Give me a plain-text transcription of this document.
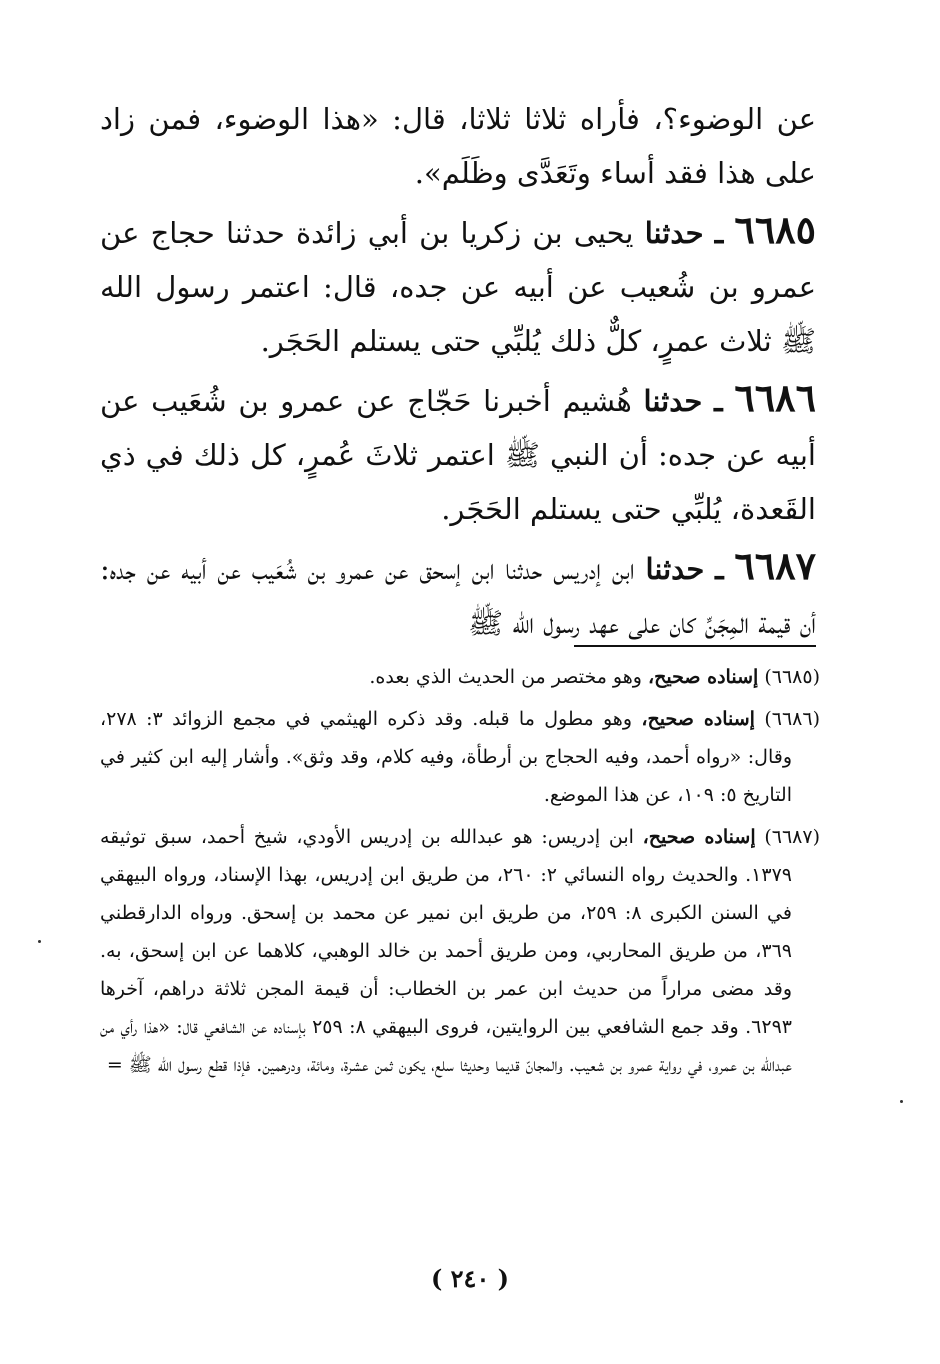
عن الوضوء؟، فأراه ثلاثا ثلاثا، قال: «هذا الوضوء، فمن زاد على هذا فقد أساء وتَعَدَّى وظَلَم».

٦٦٨٥ ـ حدثنا يحيى بن زكريا بن أبي زائدة حدثنا حجاج عن عمرو بن شُعيب عن أبيه عن جده، قال: اعتمر رسول الله ﷺ ثلاث عمرٍ، كلٌّ ذلك يُلبِّي حتى يستلم الحَجَر.

٦٦٨٦ ـ حدثنا هُشيم أخبرنا حَجّاج عن عمرو بن شُعَيب عن أبيه عن جده: أن النبي ﷺ اعتمر ثلاثَ عُمرٍ، كل ذلك في ذي القَعدة، يُلبِّي حتى يستلم الحَجَر.

٦٦٨٧ ـ حدثنا ابن إدريس حدثنا ابن إسحق عن عمرو بن شُعَيب عن أبيه عن جده: أن قيمة المِجَنِّ كان على عهد رسول الله ﷺ

(٦٦٨٥) إسناده صحيح، وهو مختصر من الحديث الذي بعده.

(٦٦٨٦) إسناده صحيح، وهو مطول ما قبله. وقد ذكره الهيثمي في مجمع الزوائد ٣: ٢٧٨، وقال: «رواه أحمد، وفيه الحجاج بن أرطأة، وفيه كلام، وقد وثق». وأشار إليه ابن كثير في التاريخ ٥: ١٠٩، عن هذا الموضع.

(٦٦٨٧) إسناده صحيح، ابن إدريس: هو عبدالله بن إدريس الأودي، شيخ أحمد، سبق توثيقه ١٣٧٩. والحديث رواه النسائي ٢: ٢٦٠، من طريق ابن إدريس، بهذا الإسناد، ورواه البيهقي في السنن الكبرى ٨: ٢٥٩، من طريق ابن نمير عن محمد بن إسحق. ورواه الدارقطني ٣٦٩، من طريق المحاربي، ومن طريق أحمد بن خالد الوهبي، كلاهما عن ابن إسحق، به. وقد مضى مراراً من حديث ابن عمر بن الخطاب: أن قيمة المجن ثلاثة دراهم، آخرها ٦٢٩٣. وقد جمع الشافعي بين الروايتين، فروى البيهقي ٨: ٢٥٩ بإسناده عن الشافعي قال: «هذا رأي من عبدالله بن عمرو، في رواية عمرو بن شعيب. والمجانّ قديما وحديثا سلع، يكون ثمن عشرة، ومائة، ودرهمين. فإذا قطع رسول الله ﷺ =

( ٢٤٠ )
